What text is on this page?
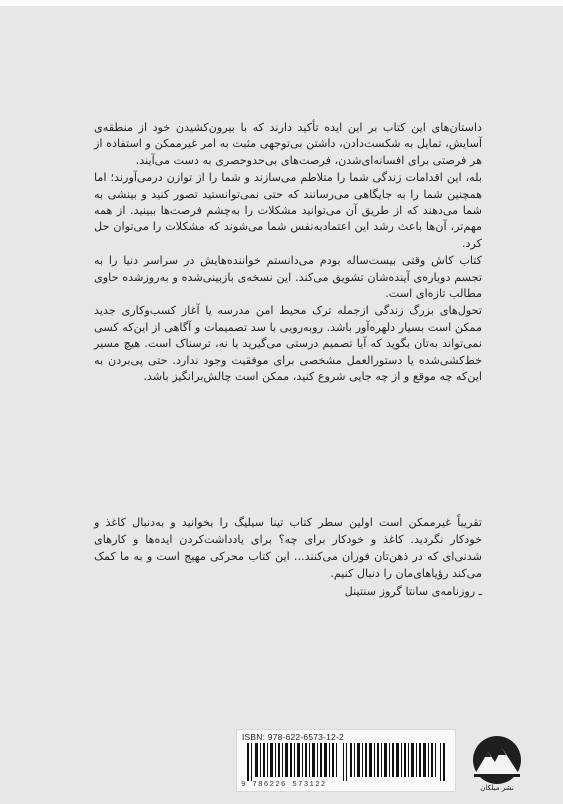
داستان‌های این کتاب بر این ایده تأکید دارند که با بیرون‌کشیدن خود از منطقه‌ی آسایش، تمایل به شکست‌دادن، داشتن بی‌توجهی مثبت به امر غیرممکن و استفاده از هر فرصتی برای افسانه‌ای‌شدن، فرصت‌های بی‌حدوحصری به دست می‌آیند.

بله، این اقدامات زندگی شما را متلاطم می‌سازند و شما را از توازن درمی‌آورند؛ اما همچنین شما را به جایگاهی می‌رسانند که حتی نمی‌توانستید تصور کنید و بینشی به شما می‌دهند که از طریق آن می‌توانید مشکلات را به‌چشم فرصت‌ها ببینید. از همه مهم‌تر، آن‌ها باعث رشد این اعتمادبه‌نفس شما می‌شوند که مشکلات را می‌توان حل کرد.

کتاب کاش وقتی بیست‌ساله بودم می‌دانستم خواننده‌هایش در سراسر دنیا را به تجسم دوباره‌ی آینده‌شان تشویق می‌کند. این نسخه‌ی بازبینی‌شده و به‌روزشده حاوی مطالب تازه‌ای است.

تحول‌های بزرگ زندگی ازجمله ترک محیط امن مدرسه یا آغاز کسب‌وکاری جدید ممکن است بسیار دلهره‌آور باشد. روبه‌رویی با سد تصمیمات و آگاهی از این‌که کسی نمی‌تواند به‌تان بگوید که آیا تصمیم درستی می‌گیرید یا نه، ترسناک است. هیچ مسیر خط‌کشی‌شده یا دستورالعمل مشخصی برای موفقیت وجود ندارد. حتی پی‌بردن به این‌که چه موقع و از چه جایی شروع کنید، ممکن است چالش‌برانگیز باشد.

تقریباً غیرممکن است اولین سطر کتاب تینا سیلیگ را بخوانید و به‌دنبال کاغذ و خودکار نگردید. کاغذ و خودکار برای چه؟ برای یادداشت‌کردن ایده‌ها و کارهای شدنی‌ای که در ذهن‌تان فوران می‌کنند... این کتاب محرکی مهیج است و به ما کمک می‌کند رؤیاهای‌مان را دنبال کنیم.

ـ روزنامه‌ی سانتا گروز سنتینل

ISBN: 978-622-6573-12-2
9 786226 573122	نشر میلکان
